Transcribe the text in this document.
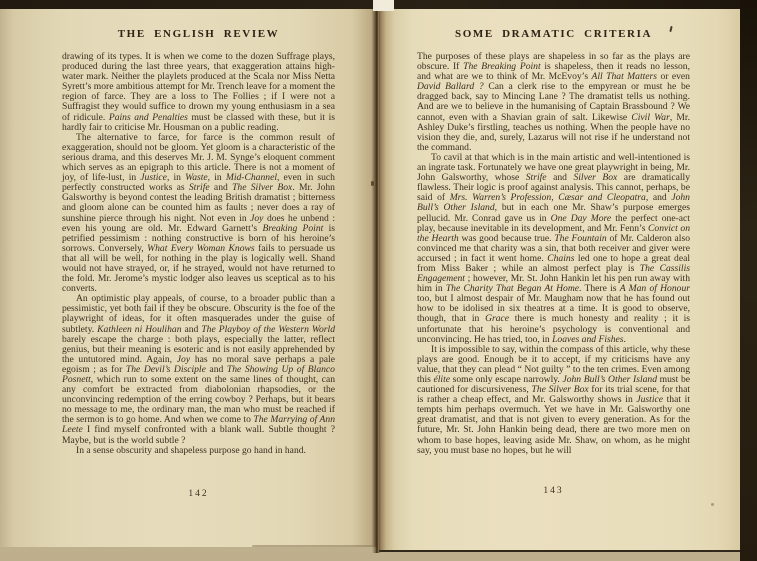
THE ENGLISH REVIEW

drawing of its types. It is when we come to the dozen Suffrage plays, produced during the last three years, that exaggeration attains high-water mark. Neither the playlets produced at the Scala nor Miss Netta Syrett’s more ambitious attempt for Mr. Trench leave for a moment the region of farce. They are a loss to The Follies ; if I were not a Suffragist they would suffice to drown my young enthusiasm in a sea of ridicule. Pains and Penalties must be classed with these, but it is hardly fair to criticise Mr. Housman on a public reading.

The alternative to farce, for farce is the common result of exaggeration, should not be gloom. Yet gloom is a characteristic of the serious drama, and this deserves Mr. J. M. Synge’s eloquent comment which serves as an epigraph to this article. There is not a moment of joy, of life-lust, in Justice, in Waste, in Mid-Channel, even in such perfectly constructed works as Strife and The Silver Box. Mr. John Galsworthy is beyond contest the leading British dramatist ; bitterness and gloom alone can be counted him as faults ; never does a ray of sunshine pierce through his night. Not even in Joy does he unbend : even his young are old. Mr. Edward Garnett’s Breaking Point is petrified pessimism : nothing constructive is born of his heroine’s sorrows. Conversely, What Every Woman Knows fails to persuade us that all will be well, for nothing in the play is logically well. Shand would not have strayed, or, if he strayed, would not have returned to the fold. Mr. Jerome’s mystic lodger also leaves us sceptical as to his converts.

An optimistic play appeals, of course, to a broader public than a pessimistic, yet both fail if they be obscure. Obscurity is the foe of the playwright of ideas, for it often masquerades under the guise of subtlety. Kathleen ni Houlihan and The Playboy of the Western World barely escape the charge : both plays, especially the latter, reflect genius, but their meaning is esoteric and is not easily apprehended by the untutored mind. Again, Joy has no moral save perhaps a pale egoism ; as for The Devil’s Disciple and The Showing Up of Blanco Posnett, which run to some extent on the same lines of thought, can any comfort be extracted from diabolonian rhapsodies, or the unconvincing redemption of the erring cowboy ? Perhaps, but it bears no message to me, the ordinary man, the man who must be reached if the sermon is to go home. And when we come to The Marrying of Ann Leete I find myself confronted with a blank wall. Subtle thought ? Maybe, but is the world subtle ?

In a sense obscurity and shapeless purpose go hand in hand.

142
SOME DRAMATIC CRITERIA

The purposes of these plays are shapeless in so far as the plays are obscure. If The Breaking Point is shapeless, then it reads no lesson, and what are we to think of Mr. McEvoy’s All That Matters or even David Ballard ? Can a clerk rise to the empyrean or must he be dragged back, say to Mincing Lane ? The dramatist tells us nothing. And are we to believe in the humanising of Captain Brassbound ? We cannot, even with a Shavian grain of salt. Likewise Civil War, Mr. Ashley Duke’s firstling, teaches us nothing. When the people have no vision they die, and, surely, Lazarus will not rise if he understand not the command.

To cavil at that which is in the main artistic and well-intentioned is an ingrate task. Fortunately we have one great playwright in being, Mr. John Galsworthy, whose Strife and Silver Box are dramatically flawless. Their logic is proof against analysis. This cannot, perhaps, be said of Mrs. Warren’s Profession, Cæsar and Cleopatra, and John Bull’s Other Island, but in each one Mr. Shaw’s purpose emerges pellucid. Mr. Conrad gave us in One Day More the perfect one-act play, because inevitable in its development, and Mr. Fenn’s Convict on the Hearth was good because true. The Fountain of Mr. Calderon also convinced me that charity was a sin, that both receiver and giver were accursed ; in fact it went home. Chains led one to hope a great deal from Miss Baker ; while an almost perfect play is The Cassilis Engagement ; however, Mr. St. John Hankin let his pen run away with him in The Charity That Began At Home. There is A Man of Honour too, but I almost despair of Mr. Maugham now that he has found out how to be idolised in six theatres at a time. It is good to observe, though, that in Grace there is much honesty and reality ; it is unfortunate that his heroine’s psychology is conventional and unconvincing. He has tried, too, in Loaves and Fishes.

It is impossible to say, within the compass of this article, why these plays are good. Enough be it to accept, if my criticisms have any value, that they can plead “ Not guilty ” to the ten crimes. Even among this élite some only escape narrowly. John Bull’s Other Island must be cautioned for discursiveness, The Silver Box for its trial scene, for that is rather a cheap effect, and Mr. Galsworthy shows in Justice that it tempts him perhaps overmuch. Yet we have in Mr. Galsworthy one great dramatist, and that is not given to every generation. As for the future, Mr. St. John Hankin being dead, there are two more men on whom to base hopes, leaving aside Mr. Shaw, on whom, as he might say, you must base no hopes, but he will

143
